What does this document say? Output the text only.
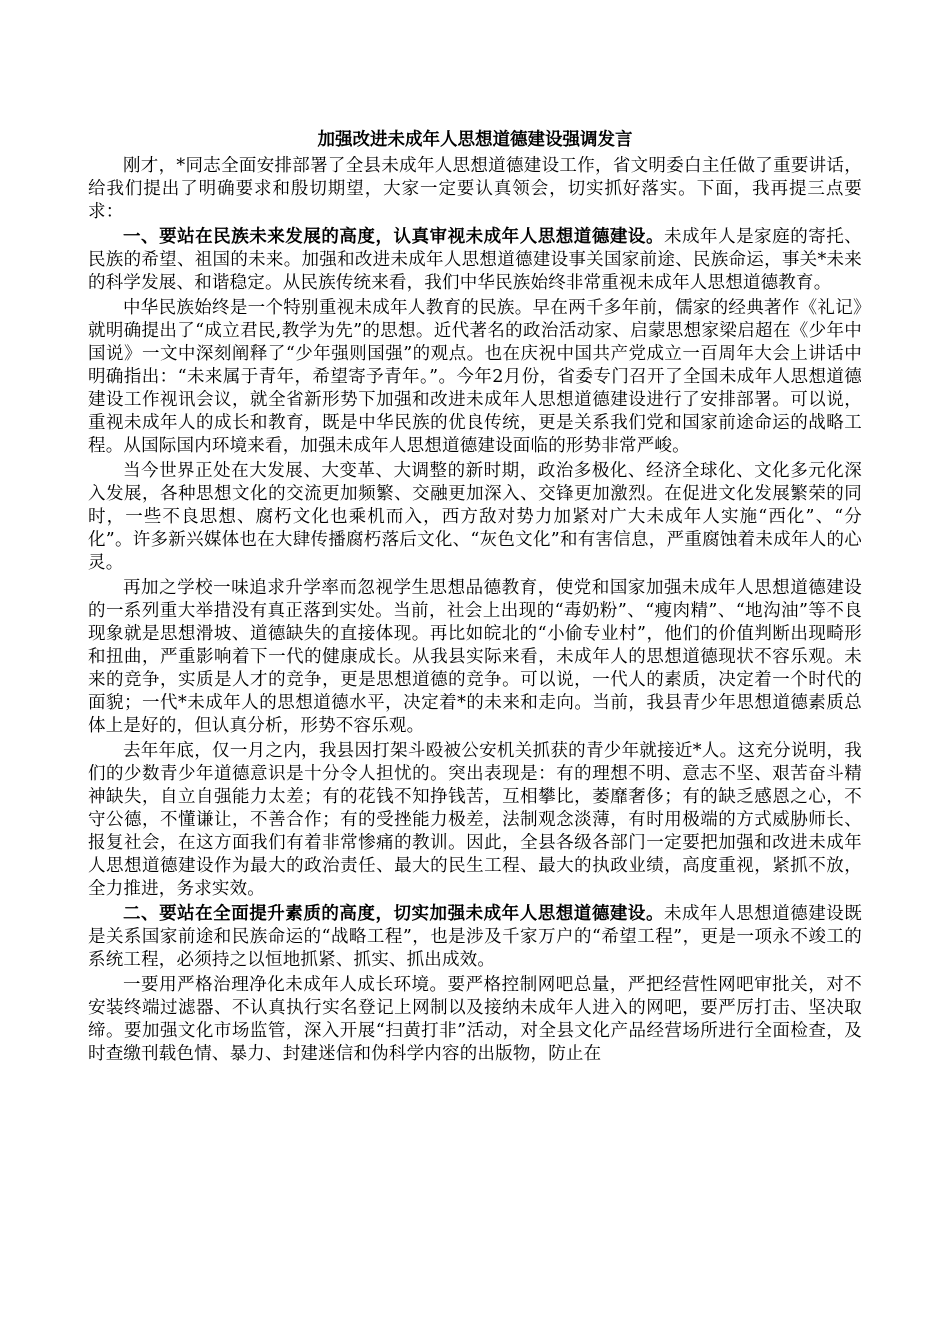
加强改进未成年人思想道德建设强调发言

刚才，*同志全面安排部署了全县未成年人思想道德建设工作，省文明委白主任做了重要讲话，给我们提出了明确要求和殷切期望，大家一定要认真领会，切实抓好落实。下面，我再提三点要求：

一、要站在民族未来发展的高度，认真审视未成年人思想道德建设。未成年人是家庭的寄托、民族的希望、祖国的未来。加强和改进未成年人思想道德建设事关国家前途、民族命运，事关*未来的科学发展、和谐稳定。从民族传统来看，我们中华民族始终非常重视未成年人思想道德教育。

中华民族始终是一个特别重视未成年人教育的民族。早在两千多年前，儒家的经典著作《礼记》就明确提出了“成立君民,教学为先”的思想。近代著名的政治活动家、启蒙思想家梁启超在《少年中国说》一文中深刻阐释了“少年强则国强”的观点。也在庆祝中国共产党成立一百周年大会上讲话中明确指出：“未来属于青年，希望寄予青年。”。今年2月份，省委专门召开了全国未成年人思想道德建设工作视讯会议，就全省新形势下加强和改进未成年人思想道德建设进行了安排部署。可以说，重视未成年人的成长和教育，既是中华民族的优良传统，更是关系我们党和国家前途命运的战略工程。从国际国内环境来看，加强未成年人思想道德建设面临的形势非常严峻。

当今世界正处在大发展、大变革、大调整的新时期，政治多极化、经济全球化、文化多元化深入发展，各种思想文化的交流更加频繁、交融更加深入、交锋更加激烈。在促进文化发展繁荣的同时，一些不良思想、腐朽文化也乘机而入，西方敌对势力加紧对广大未成年人实施“西化”、“分化”。许多新兴媒体也在大肆传播腐朽落后文化、“灰色文化”和有害信息，严重腐蚀着未成年人的心灵。

再加之学校一味追求升学率而忽视学生思想品德教育，使党和国家加强未成年人思想道德建设的一系列重大举措没有真正落到实处。当前，社会上出现的“毒奶粉”、“瘦肉精”、“地沟油”等不良现象就是思想滑坡、道德缺失的直接体现。再比如皖北的“小偷专业村”，他们的价值判断出现畸形和扭曲，严重影响着下一代的健康成长。从我县实际来看，未成年人的思想道德现状不容乐观。未来的竞争，实质是人才的竞争，更是思想道德的竞争。可以说，一代人的素质，决定着一个时代的面貌；一代*未成年人的思想道德水平，决定着*的未来和走向。当前，我县青少年思想道德素质总体上是好的，但认真分析，形势不容乐观。

去年年底，仅一月之内，我县因打架斗殴被公安机关抓获的青少年就接近*人。这充分说明，我们的少数青少年道德意识是十分令人担忧的。突出表现是：有的理想不明、意志不坚、艰苦奋斗精神缺失，自立自强能力太差；有的花钱不知挣钱苦，互相攀比，萎靡奢侈；有的缺乏感恩之心，不守公德，不懂谦让，不善合作；有的受挫能力极差，法制观念淡薄，有时用极端的方式威胁师长、报复社会，在这方面我们有着非常惨痛的教训。因此，全县各级各部门一定要把加强和改进未成年人思想道德建设作为最大的政治责任、最大的民生工程、最大的执政业绩，高度重视，紧抓不放，全力推进，务求实效。

二、要站在全面提升素质的高度，切实加强未成年人思想道德建设。未成年人思想道德建设既是关系国家前途和民族命运的“战略工程”，也是涉及千家万户的“希望工程”，更是一项永不竣工的系统工程，必须持之以恒地抓紧、抓实、抓出成效。

一要用严格治理净化未成年人成长环境。要严格控制网吧总量，严把经营性网吧审批关，对不安装终端过滤器、不认真执行实名登记上网制以及接纳未成年人进入的网吧，要严厉打击、坚决取缔。要加强文化市场监管，深入开展“扫黄打非”活动，对全县文化产品经营场所进行全面检查，及时查缴刊载色情、暴力、封建迷信和伪科学内容的出版物，防止在
